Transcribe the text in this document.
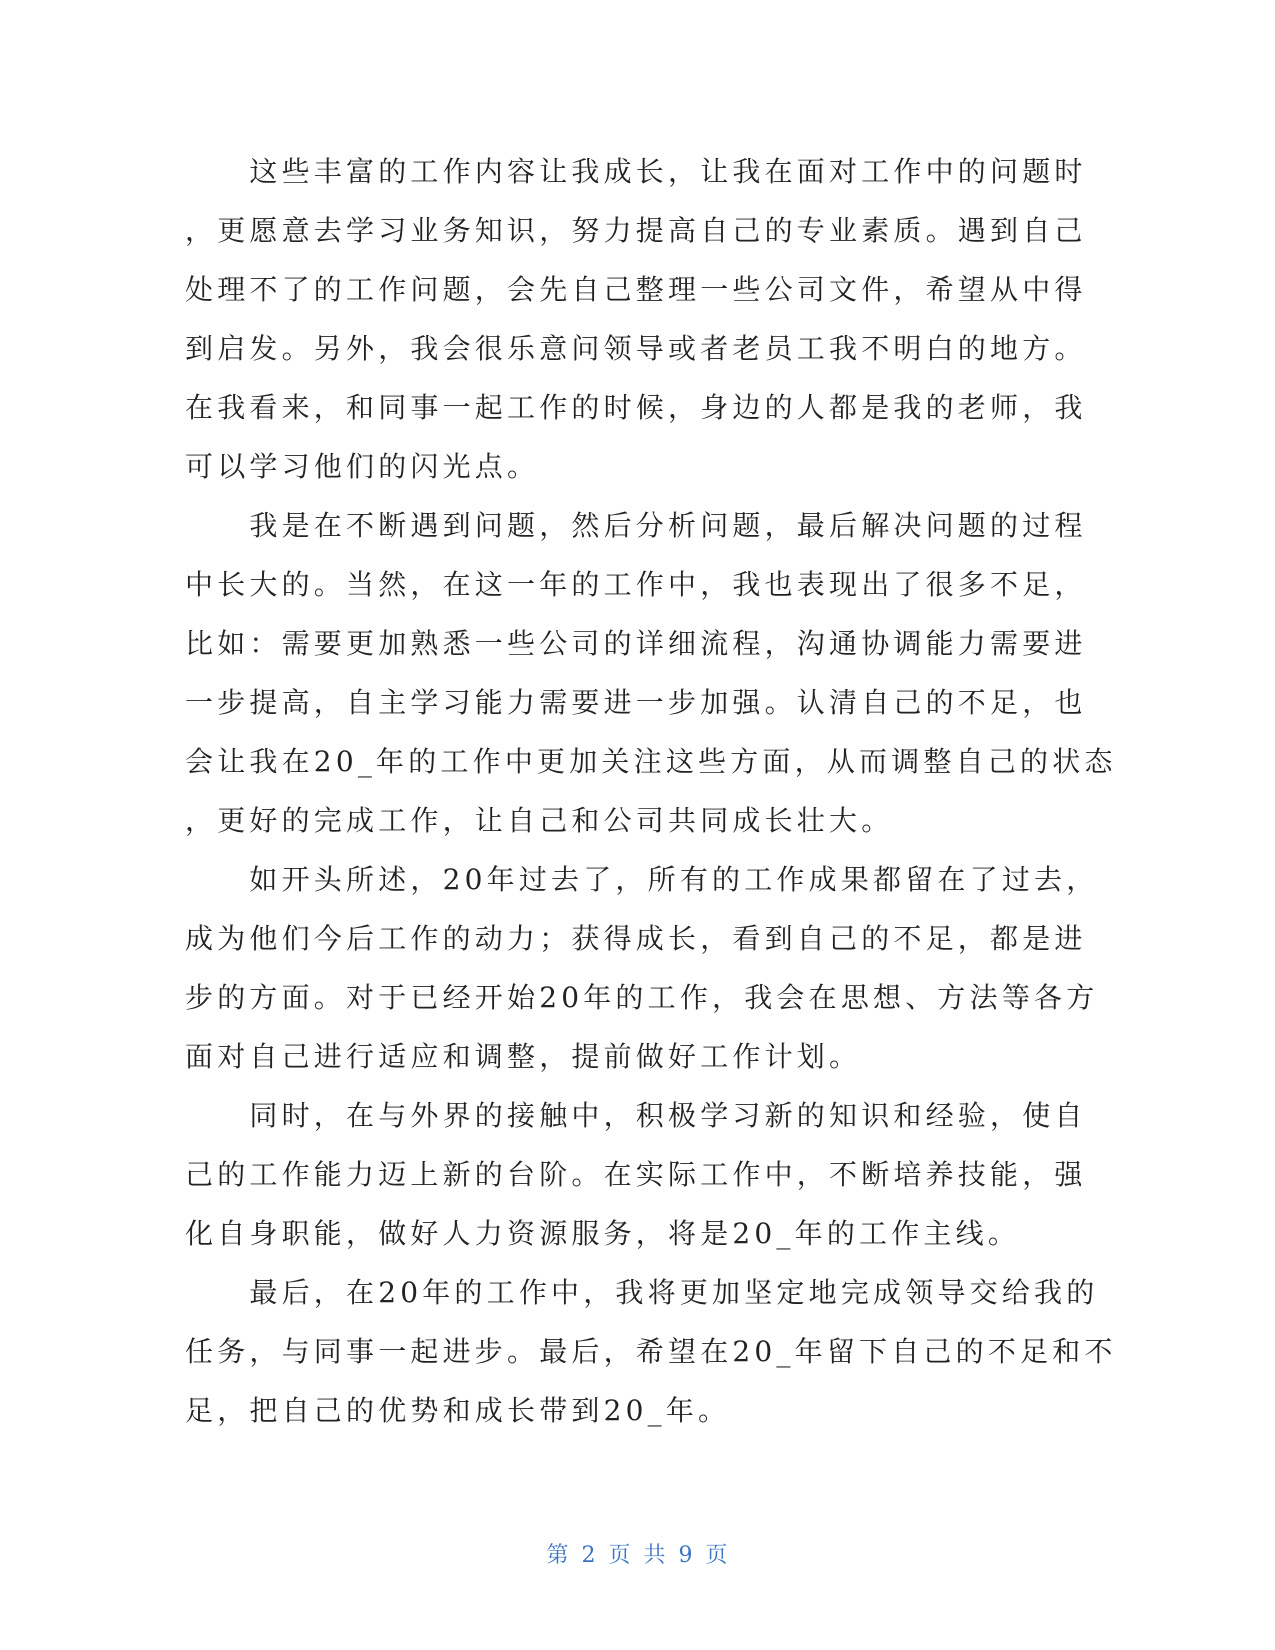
　　这些丰富的工作内容让我成长，让我在面对工作中的问题时
，更愿意去学习业务知识，努力提高自己的专业素质。遇到自己
处理不了的工作问题，会先自己整理一些公司文件，希望从中得
到启发。另外，我会很乐意问领导或者老员工我不明白的地方。
在我看来，和同事一起工作的时候，身边的人都是我的老师，我
可以学习他们的闪光点。
　　我是在不断遇到问题，然后分析问题，最后解决问题的过程
中长大的。当然，在这一年的工作中，我也表现出了很多不足，
比如：需要更加熟悉一些公司的详细流程，沟通协调能力需要进
一步提高，自主学习能力需要进一步加强。认清自己的不足，也
会让我在20_年的工作中更加关注这些方面，从而调整自己的状态
，更好的完成工作，让自己和公司共同成长壮大。
　　如开头所述，20年过去了，所有的工作成果都留在了过去，
成为他们今后工作的动力；获得成长，看到自己的不足，都是进
步的方面。对于已经开始20年的工作，我会在思想、方法等各方
面对自己进行适应和调整，提前做好工作计划。
　　同时，在与外界的接触中，积极学习新的知识和经验，使自
己的工作能力迈上新的台阶。在实际工作中，不断培养技能，强
化自身职能，做好人力资源服务，将是20_年的工作主线。
　　最后，在20年的工作中，我将更加坚定地完成领导交给我的
任务，与同事一起进步。最后，希望在20_年留下自己的不足和不
足，把自己的优势和成长带到20_年。
第 2 页 共 9 页
